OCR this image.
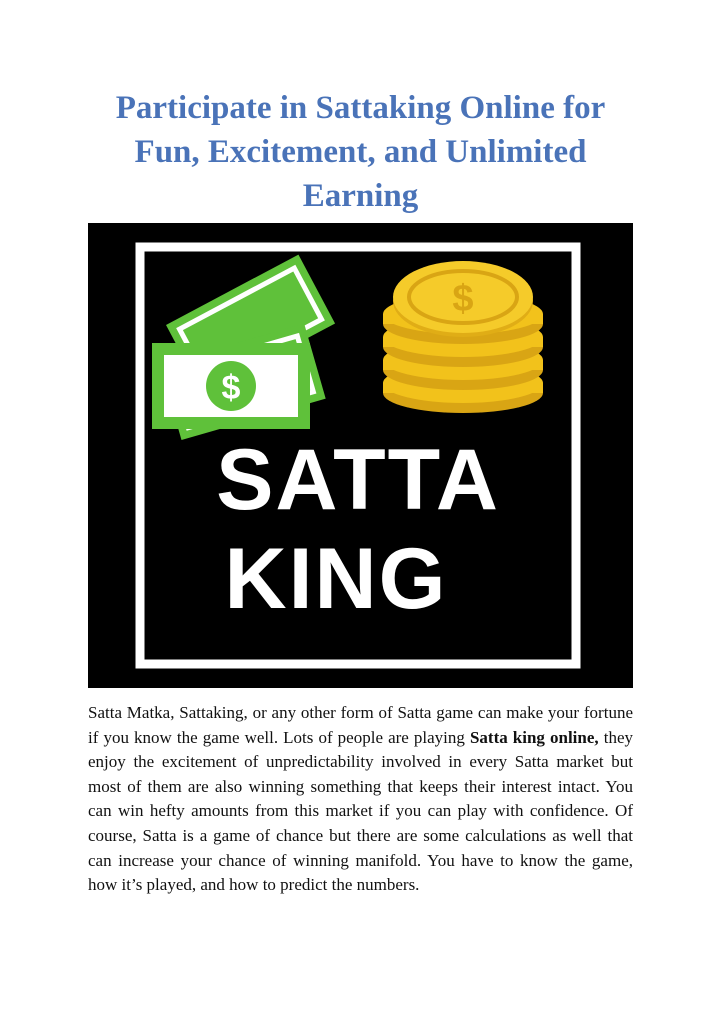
Participate in Sattaking Online for Fun, Excitement, and Unlimited Earning
$
$
SATTA
KING

Satta Matka, Sattaking, or any other form of Satta game can make your fortune if you know the game well. Lots of people are playing Satta king online, they enjoy the excitement of unpredictability involved in every Satta market but most of them are also winning something that keeps their interest intact. You can win hefty amounts from this market if you can play with confidence. Of course, Satta is a game of chance but there are some calculations as well that can increase your chance of winning manifold. You have to know the game, how it’s played, and how to predict the numbers.
